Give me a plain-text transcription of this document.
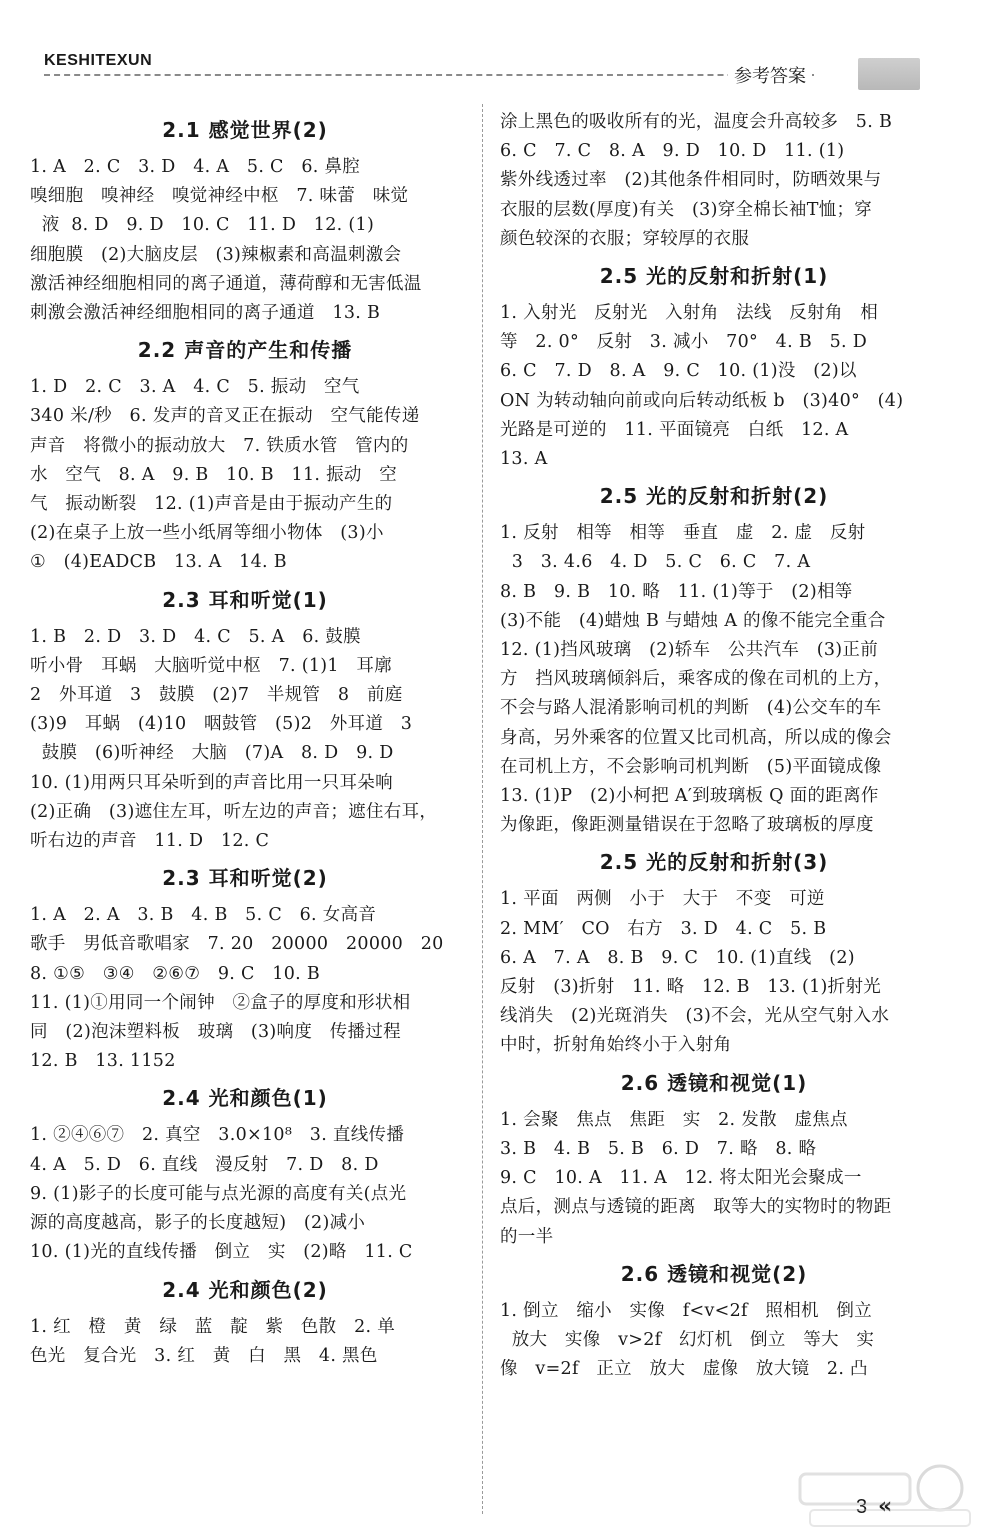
KESHITEXUN
参考答案
2.1 感觉世界(2)
1. A   2. C   3. D   4. A   5. C   6. 鼻腔
嗅细胞   嗅神经   嗅觉神经中枢   7. 味蕾   味觉
液  8. D   9. D   10. C   11. D   12. (1)
细胞膜   (2)大脑皮层   (3)辣椒素和高温刺激会
激活神经细胞相同的离子通道，薄荷醇和无害低温
刺激会激活神经细胞相同的离子通道   13. B
2.2 声音的产生和传播
1. D   2. C   3. A   4. C   5. 振动   空气
340 米/秒   6. 发声的音叉正在振动   空气能传递
声音   将微小的振动放大   7. 铁质水管   管内的
水   空气   8. A   9. B   10. B   11. 振动   空
气   振动断裂   12. (1)声音是由于振动产生的
(2)在桌子上放一些小纸屑等细小物体   (3)小
①   (4)EADCB   13. A   14. B
2.3 耳和听觉(1)
1. B   2. D   3. D   4. C   5. A   6. 鼓膜
听小骨   耳蜗   大脑听觉中枢   7. (1)1   耳廓
2   外耳道   3   鼓膜   (2)7   半规管   8   前庭
(3)9   耳蜗   (4)10   咽鼓管   (5)2   外耳道   3
鼓膜   (6)听神经   大脑   (7)A   8. D   9. D
10. (1)用两只耳朵听到的声音比用一只耳朵响
(2)正确   (3)遮住左耳，听左边的声音；遮住右耳，
听右边的声音   11. D   12. C
2.3 耳和听觉(2)
1. A   2. A   3. B   4. B   5. C   6. 女高音
歌手   男低音歌唱家   7. 20   20000   20000   20
8. ①⑤   ③④   ②⑥⑦   9. C   10. B
11. (1)①用同一个闹钟   ②盒子的厚度和形状相
同   (2)泡沫塑料板   玻璃   (3)响度   传播过程
12. B   13. 1152
2.4 光和颜色(1)
1. ②④⑥⑦   2. 真空   3.0×10⁸   3. 直线传播
4. A   5. D   6. 直线   漫反射   7. D   8. D
9. (1)影子的长度可能与点光源的高度有关(点光
源的高度越高，影子的长度越短)   (2)减小
10. (1)光的直线传播   倒立   实   (2)略   11. C
2.4 光和颜色(2)
1. 红   橙   黄   绿   蓝   靛   紫   色散   2. 单
色光   复合光   3. 红   黄   白   黑   4. 黑色
涂上黑色的吸收所有的光，温度会升高较多   5. B
6. C   7. C   8. A   9. D   10. D   11. (1)
紫外线透过率   (2)其他条件相同时，防晒效果与
衣服的层数(厚度)有关   (3)穿全棉长袖T恤；穿
颜色较深的衣服；穿较厚的衣服
2.5 光的反射和折射(1)
1. 入射光   反射光   入射角   法线   反射角   相
等   2. 0°   反射   3. 减小   70°   4. B   5. D
6. C   7. D   8. A   9. C   10. (1)没   (2)以
ON 为转动轴向前或向后转动纸板 b   (3)40°   (4)
光路是可逆的   11. 平面镜亮   白纸   12. A
13. A
2.5 光的反射和折射(2)
1. 反射   相等   相等   垂直   虚   2. 虚   反射
3   3. 4.6   4. D   5. C   6. C   7. A
8. B   9. B   10. 略   11. (1)等于   (2)相等
(3)不能   (4)蜡烛 B 与蜡烛 A 的像不能完全重合
12. (1)挡风玻璃   (2)轿车   公共汽车   (3)正前
方   挡风玻璃倾斜后，乘客成的像在司机的上方，
不会与路人混淆影响司机的判断   (4)公交车的车
身高，另外乘客的位置又比司机高，所以成的像会
在司机上方，不会影响司机判断   (5)平面镜成像
13. (1)P   (2)小柯把 A′到玻璃板 Q 面的距离作
为像距，像距测量错误在于忽略了玻璃板的厚度
2.5 光的反射和折射(3)
1. 平面   两侧   小于   大于   不变   可逆
2. MM′   CO   右方   3. D   4. C   5. B
6. A   7. A   8. B   9. C   10. (1)直线   (2)
反射   (3)折射   11. 略   12. B   13. (1)折射光
线消失   (2)光斑消失   (3)不会，光从空气射入水
中时，折射角始终小于入射角
2.6 透镜和视觉(1)
1. 会聚   焦点   焦距   实   2. 发散   虚焦点
3. B   4. B   5. B   6. D   7. 略   8. 略
9. C   10. A   11. A   12. 将太阳光会聚成一
点后，测点与透镜的距离   取等大的实物时的物距
的一半
2.6 透镜和视觉(2)
1. 倒立   缩小   实像   f<v<2f   照相机   倒立
放大   实像   v>2f   幻灯机   倒立   等大   实
像   v=2f   正立   放大   虚像   放大镜   2. 凸
3 «
